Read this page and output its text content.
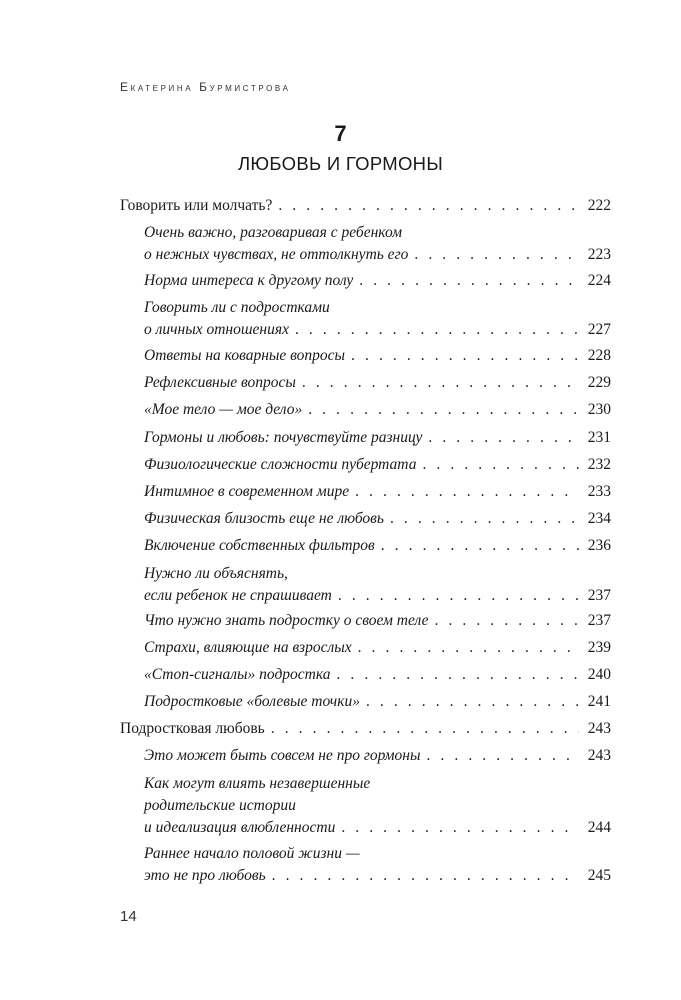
Екатерина Бурмистрова
7
ЛЮБОВЬ И ГОРМОНЫ
Говорить или молчать? . . .	222
Очень важно, разговаривая с ребенком
о нежных чувствах, не оттолкнуть его . . .	223
Норма интереса к другому полу . . .	224
Говорить ли с подростками
о личных отношениях . . .	227
Ответы на коварные вопросы . . .	228
Рефлексивные вопросы . . .	229
«Мое тело — мое дело» . . .	230
Гормоны и любовь: почувствуйте разницу . . .	231
Физиологические сложности пубертата . . .	232
Интимное в современном мире . . .	233
Физическая близость еще не любовь . . .	234
Включение собственных фильтров . . .	236
Нужно ли объяснять,
если ребенок не спрашивает . . .	237
Что нужно знать подростку о своем теле . . .	237
Страхи, влияющие на взрослых . . .	239
«Стоп-сигналы» подростка . . .	240
Подростковые «болевые точки» . . .	241
Подростковая любовь . . .	243
Это может быть совсем не про гормоны . . .	243
Как могут влиять незавершенные
родительские истории
и идеализация влюбленности . . .	244
Раннее начало половой жизни —
это не про любовь . . .	245
14
